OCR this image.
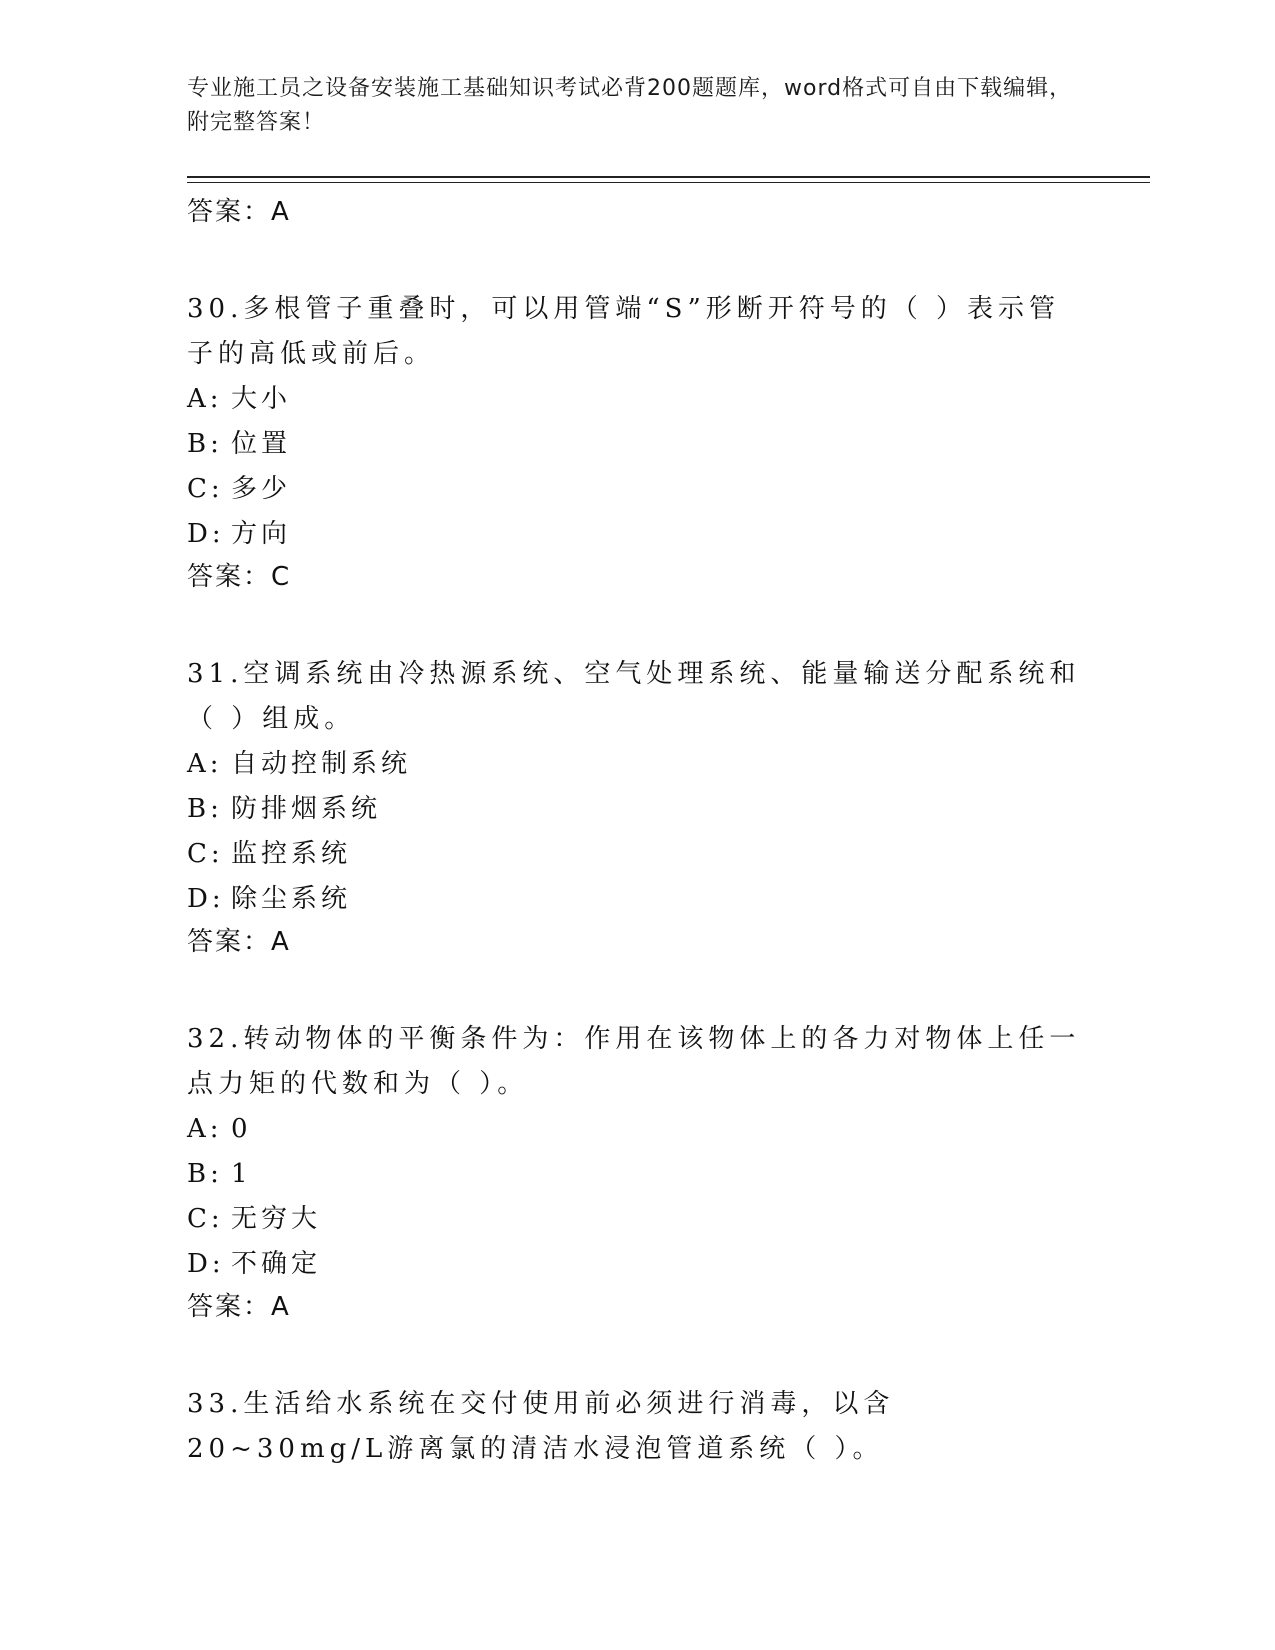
专业施工员之设备安装施工基础知识考试必背200题题库，word格式可自由下载编辑，附完整答案！

答案：A

30.多根管子重叠时，可以用管端“S”形断开符号的（ ）表示管子的高低或前后。

A: 大小

B: 位置

C: 多少

D: 方向

答案：C

31.空调系统由冷热源系统、空气处理系统、能量输送分配系统和（ ）组成。

A: 自动控制系统

B: 防排烟系统

C: 监控系统

D: 除尘系统

答案：A

32.转动物体的平衡条件为：作用在该物体上的各力对物体上任一点力矩的代数和为（ ）。

A: 0

B: 1

C: 无穷大

D: 不确定

答案：A

33.生活给水系统在交付使用前必须进行消毒，以含20~30mg/L游离氯的清洁水浸泡管道系统（ ）。
